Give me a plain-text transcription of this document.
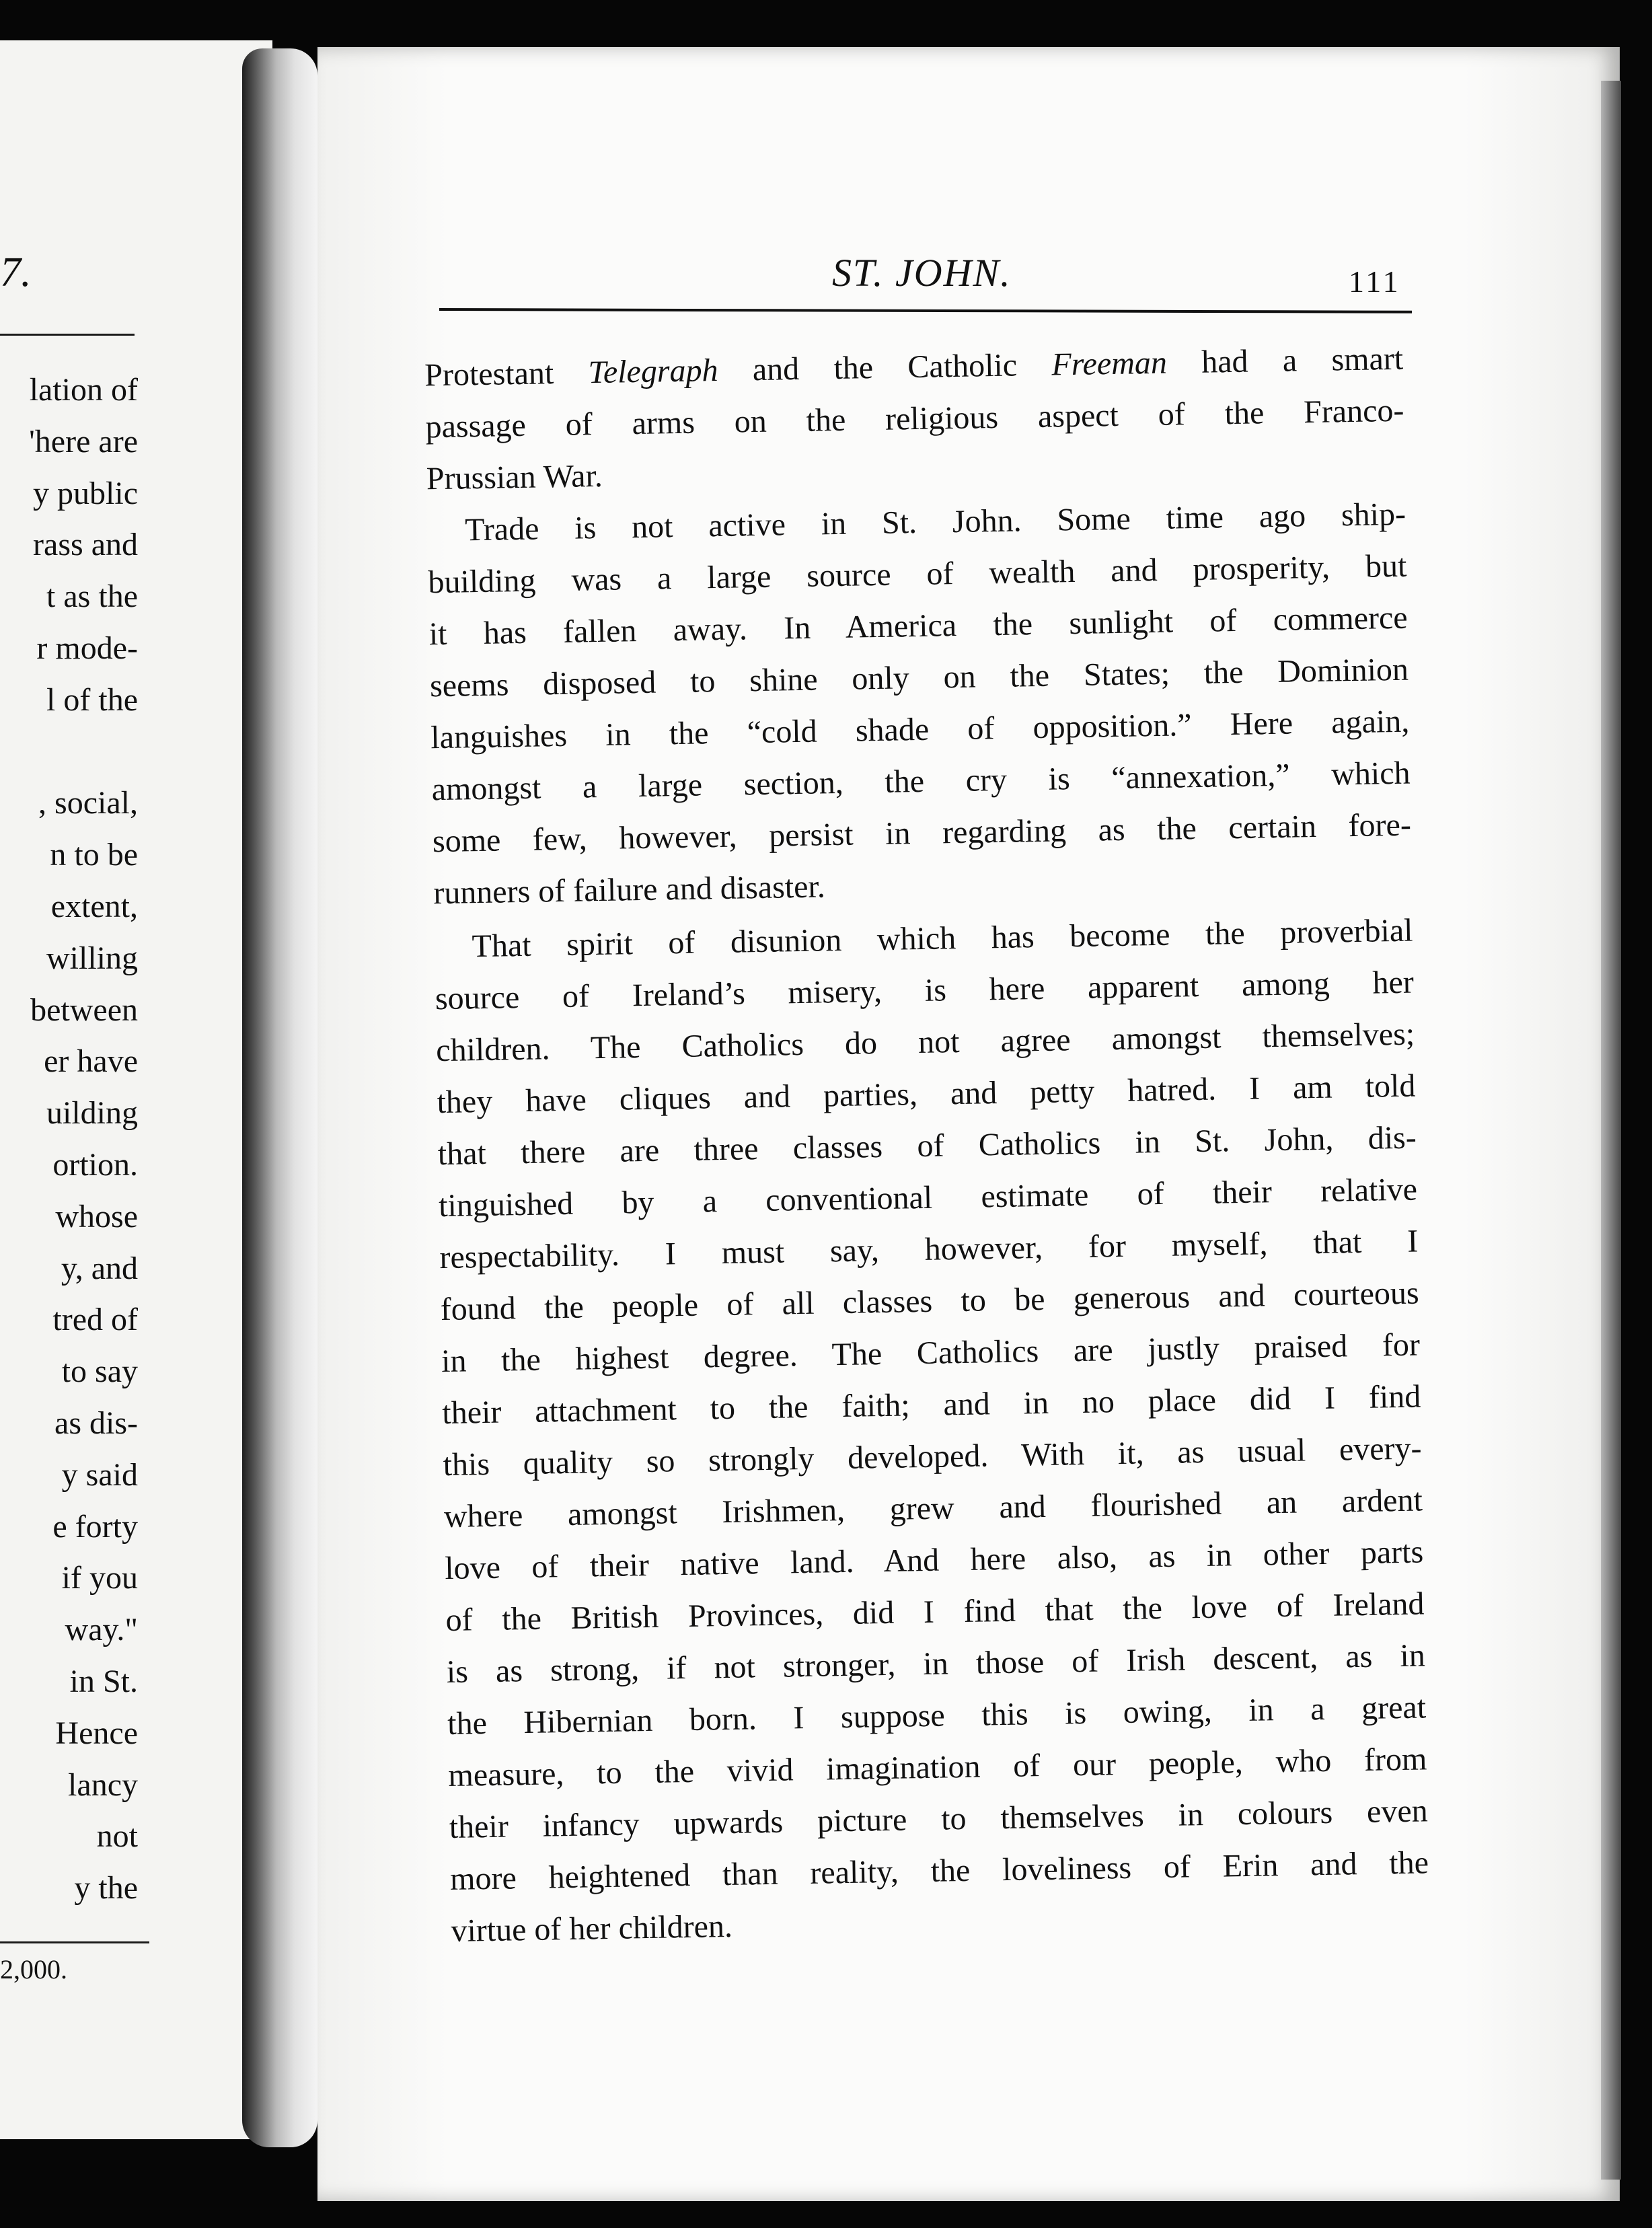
7.
lation of
'here are
y public
rass and
t as the
r mode-
l of the

, social,
n to be
extent,
willing
between
er have
uilding
ortion.
whose
y, and
tred of
to say
as dis-
y said
e forty
if you
way."
in St.
Hence
lancy
not
y the
2,000.
ST. JOHN.	111
Protestant Telegraph and the Catholic Freeman had a smart
passage of arms on the religious aspect of the Franco-
Prussian War.
Trade is not active in St. John. Some time ago ship-
building was a large source of wealth and prosperity, but
it has fallen away. In America the sunlight of commerce
seems disposed to shine only on the States; the Dominion
languishes in the “cold shade of opposition.” Here again,
amongst a large section, the cry is “annexation,” which
some few, however, persist in regarding as the certain fore-
runners of failure and disaster.
That spirit of disunion which has become the proverbial
source of Ireland’s misery, is here apparent among her
children. The Catholics do not agree amongst themselves;
they have cliques and parties, and petty hatred. I am told
that there are three classes of Catholics in St. John, dis-
tinguished by a conventional estimate of their relative
respectability. I must say, however, for myself, that I
found the people of all classes to be generous and courteous
in the highest degree. The Catholics are justly praised for
their attachment to the faith; and in no place did I find
this quality so strongly developed. With it, as usual every-
where amongst Irishmen, grew and flourished an ardent
love of their native land. And here also, as in other parts
of the British Provinces, did I find that the love of Ireland
is as strong, if not stronger, in those of Irish descent, as in
the Hibernian born. I suppose this is owing, in a great
measure, to the vivid imagination of our people, who from
their infancy upwards picture to themselves in colours even
more heightened than reality, the loveliness of Erin and the
virtue of her children.
